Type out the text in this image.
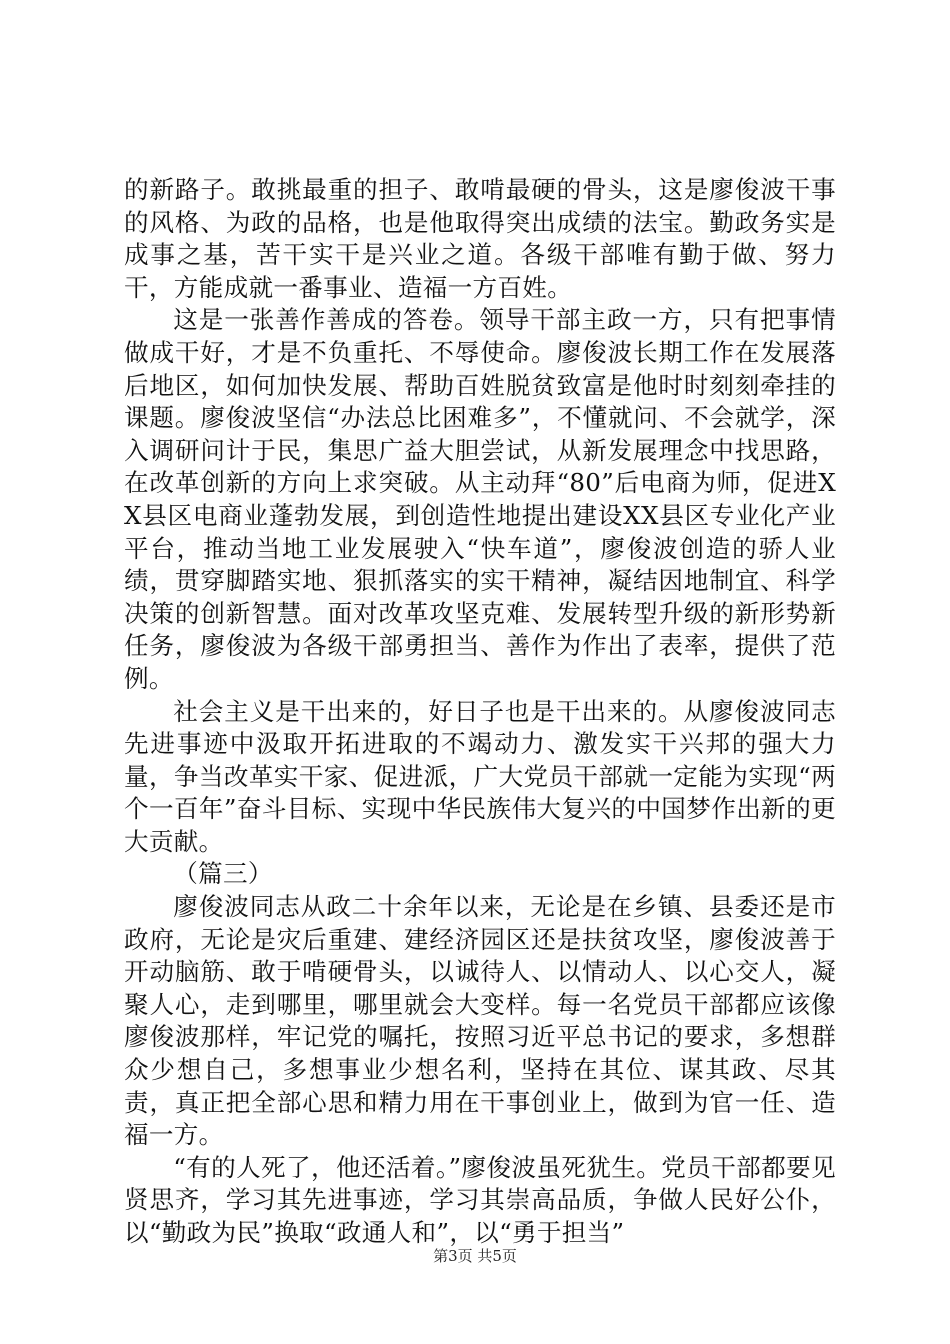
的新路子。敢挑最重的担子、敢啃最硬的骨头，这是廖俊波干事的风格、为政的品格，也是他取得突出成绩的法宝。勤政务实是成事之基，苦干实干是兴业之道。各级干部唯有勤于做、努力干，方能成就一番事业、造福一方百姓。

这是一张善作善成的答卷。领导干部主政一方，只有把事情做成干好，才是不负重托、不辱使命。廖俊波长期工作在发展落后地区，如何加快发展、帮助百姓脱贫致富是他时时刻刻牵挂的课题。廖俊波坚信“办法总比困难多”，不懂就问、不会就学，深入调研问计于民，集思广益大胆尝试，从新发展理念中找思路，在改革创新的方向上求突破。从主动拜“80”后电商为师，促进XX县区电商业蓬勃发展，到创造性地提出建设XX县区专业化产业平台，推动当地工业发展驶入“快车道”，廖俊波创造的骄人业绩，贯穿脚踏实地、狠抓落实的实干精神，凝结因地制宜、科学决策的创新智慧。面对改革攻坚克难、发展转型升级的新形势新任务，廖俊波为各级干部勇担当、善作为作出了表率，提供了范例。

社会主义是干出来的，好日子也是干出来的。从廖俊波同志先进事迹中汲取开拓进取的不竭动力、激发实干兴邦的强大力量，争当改革实干家、促进派，广大党员干部就一定能为实现“两个一百年”奋斗目标、实现中华民族伟大复兴的中国梦作出新的更大贡献。

（篇三）

廖俊波同志从政二十余年以来，无论是在乡镇、县委还是市政府，无论是灾后重建、建经济园区还是扶贫攻坚，廖俊波善于开动脑筋、敢于啃硬骨头，以诚待人、以情动人、以心交人，凝聚人心，走到哪里，哪里就会大变样。每一名党员干部都应该像廖俊波那样，牢记党的嘱托，按照习近平总书记的要求，多想群众少想自己，多想事业少想名利，坚持在其位、谋其政、尽其责，真正把全部心思和精力用在干事创业上，做到为官一任、造福一方。

“有的人死了，他还活着。”廖俊波虽死犹生。党员干部都要见贤思齐，学习其先进事迹，学习其崇高品质，争做人民好公仆，以“勤政为民”换取“政通人和”，以“勇于担当”

第3页 共5页
